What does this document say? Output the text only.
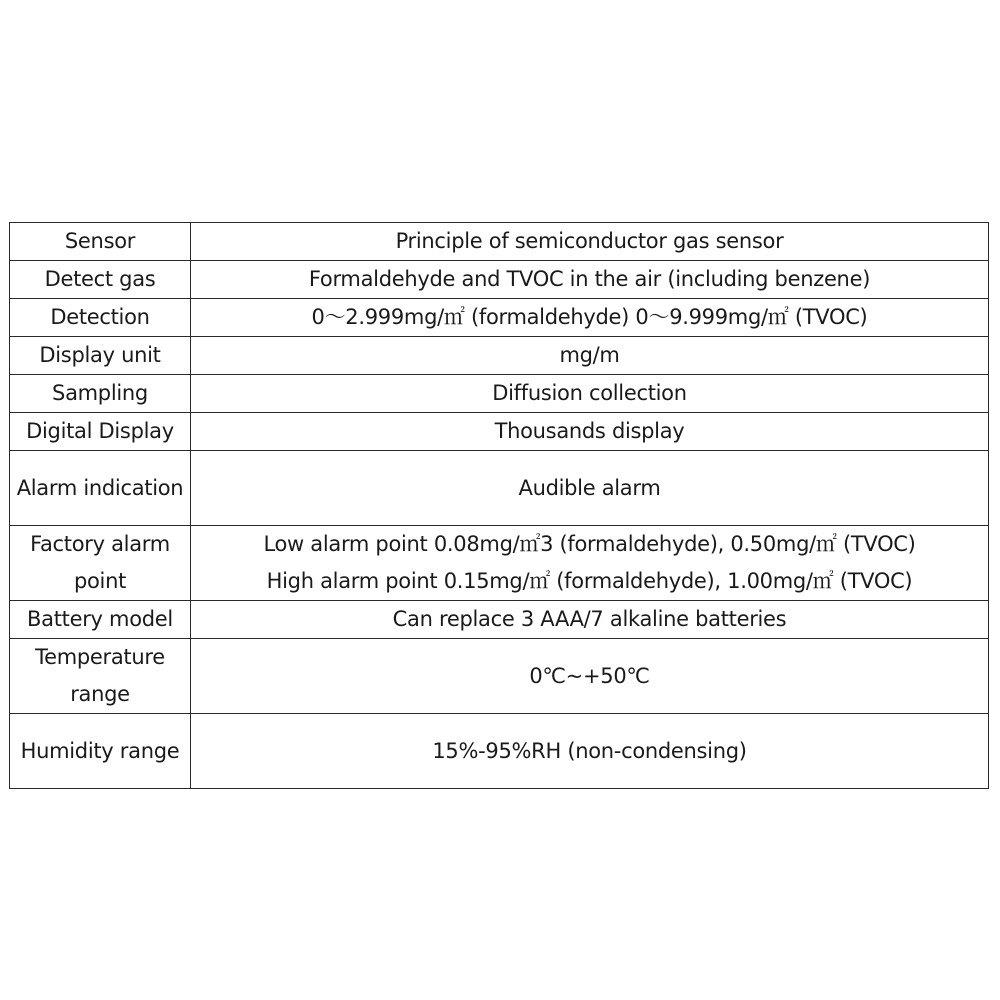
Sensor	Principle of semiconductor gas sensor
Detect gas	Formaldehyde and TVOC in the air (including benzene)
Detection	0～2.999mg/㎡ (formaldehyde) 0～9.999mg/㎡ (TVOC)
Display unit	mg/m
Sampling	Diffusion collection
Digital Display	Thousands display

Alarm indication	Audible alarm

Factory alarm point	Low alarm point 0.08mg/㎡3 (formaldehyde), 0.50mg/㎡ (TVOC)
High alarm point 0.15mg/㎡ (formaldehyde), 1.00mg/㎡ (TVOC)

Battery model	Can replace 3 AAA/7 alkaline batteries

Temperature range	0℃~+50℃

Humidity range	15%-95%RH (non-condensing)
